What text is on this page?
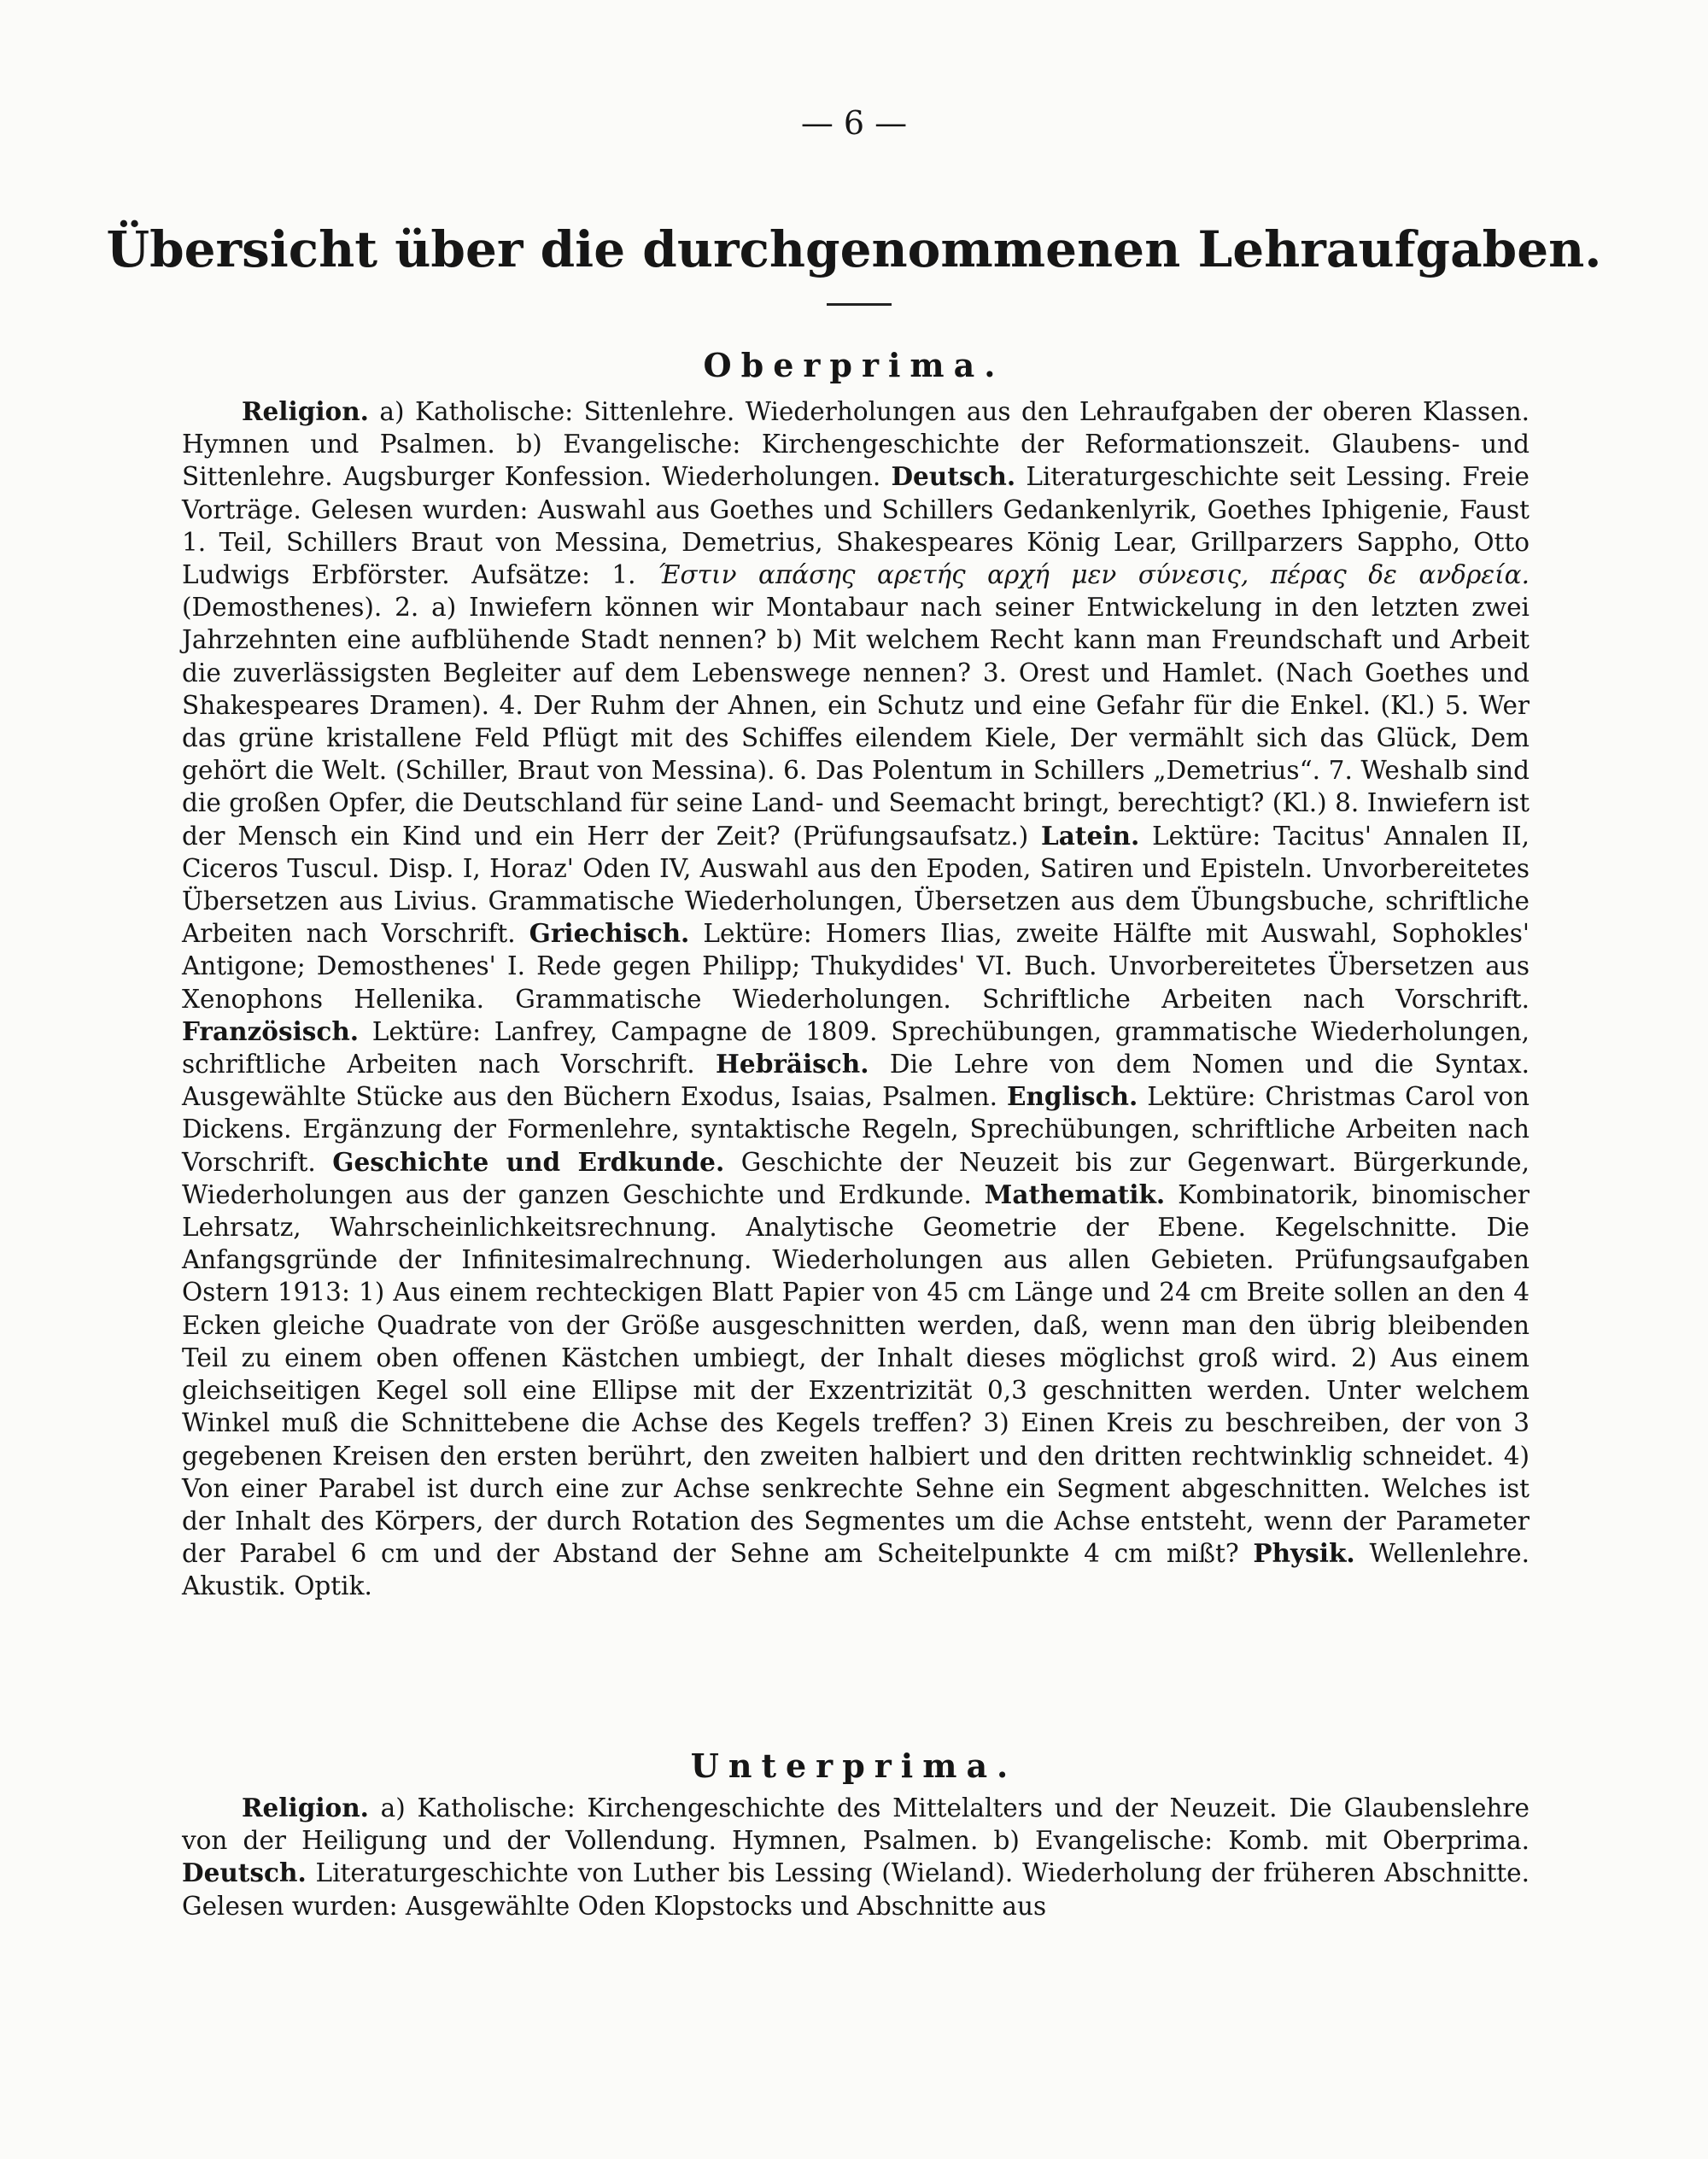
— 6 —
Übersicht über die durchgenommenen Lehraufgaben.
Oberprima.

Religion. a) Katholische: Sittenlehre. Wiederholungen aus den Lehraufgaben der oberen Klassen. Hymnen und Psalmen. b) Evangelische: Kirchengeschichte der Reformationszeit. Glaubens- und Sittenlehre. Augsburger Konfession. Wiederholungen. Deutsch. Literaturgeschichte seit Lessing. Freie Vorträge. Gelesen wurden: Auswahl aus Goethes und Schillers Gedankenlyrik, Goethes Iphigenie, Faust 1. Teil, Schillers Braut von Messina, Demetrius, Shakespeares König Lear, Grillparzers Sappho, Otto Ludwigs Erbförster. Aufsätze: 1. Έστιν απάσης αρετής αρχή μεν σύνεσις, πέρας δε ανδρεία. (Demosthenes). 2. a) Inwiefern können wir Montabaur nach seiner Entwickelung in den letzten zwei Jahrzehnten eine aufblühende Stadt nennen? b) Mit welchem Recht kann man Freundschaft und Arbeit die zuverlässigsten Begleiter auf dem Lebenswege nennen? 3. Orest und Hamlet. (Nach Goethes und Shakespeares Dramen). 4. Der Ruhm der Ahnen, ein Schutz und eine Gefahr für die Enkel. (Kl.) 5. Wer das grüne kristallene Feld Pflügt mit des Schiffes eilendem Kiele, Der vermählt sich das Glück, Dem gehört die Welt. (Schiller, Braut von Messina). 6. Das Polentum in Schillers „Demetrius“. 7. Weshalb sind die großen Opfer, die Deutschland für seine Land- und Seemacht bringt, berechtigt? (Kl.) 8. Inwiefern ist der Mensch ein Kind und ein Herr der Zeit? (Prüfungsaufsatz.) Latein. Lektüre: Tacitus' Annalen II, Ciceros Tuscul. Disp. I, Horaz' Oden IV, Auswahl aus den Epoden, Satiren und Episteln. Unvorbereitetes Übersetzen aus Livius. Grammatische Wiederholungen, Übersetzen aus dem Übungsbuche, schriftliche Arbeiten nach Vorschrift. Griechisch. Lektüre: Homers Ilias, zweite Hälfte mit Auswahl, Sophokles' Antigone; Demosthenes' I. Rede gegen Philipp; Thukydides' VI. Buch. Unvorbereitetes Übersetzen aus Xenophons Hellenika. Grammatische Wiederholungen. Schriftliche Arbeiten nach Vorschrift. Französisch. Lektüre: Lanfrey, Campagne de 1809. Sprechübungen, grammatische Wiederholungen, schriftliche Arbeiten nach Vorschrift. Hebräisch. Die Lehre von dem Nomen und die Syntax. Ausgewählte Stücke aus den Büchern Exodus, Isaias, Psalmen. Englisch. Lektüre: Christmas Carol von Dickens. Ergänzung der Formenlehre, syntaktische Regeln, Sprechübungen, schriftliche Arbeiten nach Vorschrift. Geschichte und Erdkunde. Geschichte der Neuzeit bis zur Gegenwart. Bürgerkunde, Wiederholungen aus der ganzen Geschichte und Erdkunde. Mathematik. Kombinatorik, binomischer Lehrsatz, Wahrscheinlichkeitsrechnung. Analytische Geometrie der Ebene. Kegelschnitte. Die Anfangsgründe der Infinitesimalrechnung. Wiederholungen aus allen Gebieten. Prüfungsaufgaben Ostern 1913: 1) Aus einem rechteckigen Blatt Papier von 45 cm Länge und 24 cm Breite sollen an den 4 Ecken gleiche Quadrate von der Größe ausgeschnitten werden, daß, wenn man den übrig bleibenden Teil zu einem oben offenen Kästchen umbiegt, der Inhalt dieses möglichst groß wird. 2) Aus einem gleichseitigen Kegel soll eine Ellipse mit der Exzentrizität 0,3 geschnitten werden. Unter welchem Winkel muß die Schnittebene die Achse des Kegels treffen? 3) Einen Kreis zu beschreiben, der von 3 gegebenen Kreisen den ersten berührt, den zweiten halbiert und den dritten rechtwinklig schneidet. 4) Von einer Parabel ist durch eine zur Achse senkrechte Sehne ein Segment abgeschnitten. Welches ist der Inhalt des Körpers, der durch Rotation des Segmentes um die Achse entsteht, wenn der Parameter der Parabel 6 cm und der Abstand der Sehne am Scheitelpunkte 4 cm mißt? Physik. Wellenlehre. Akustik. Optik.

Unterprima.

Religion. a) Katholische: Kirchengeschichte des Mittelalters und der Neuzeit. Die Glaubenslehre von der Heiligung und der Vollendung. Hymnen, Psalmen. b) Evangelische: Komb. mit Oberprima. Deutsch. Literaturgeschichte von Luther bis Lessing (Wieland). Wiederholung der früheren Abschnitte. Gelesen wurden: Ausgewählte Oden Klopstocks und Abschnitte aus
